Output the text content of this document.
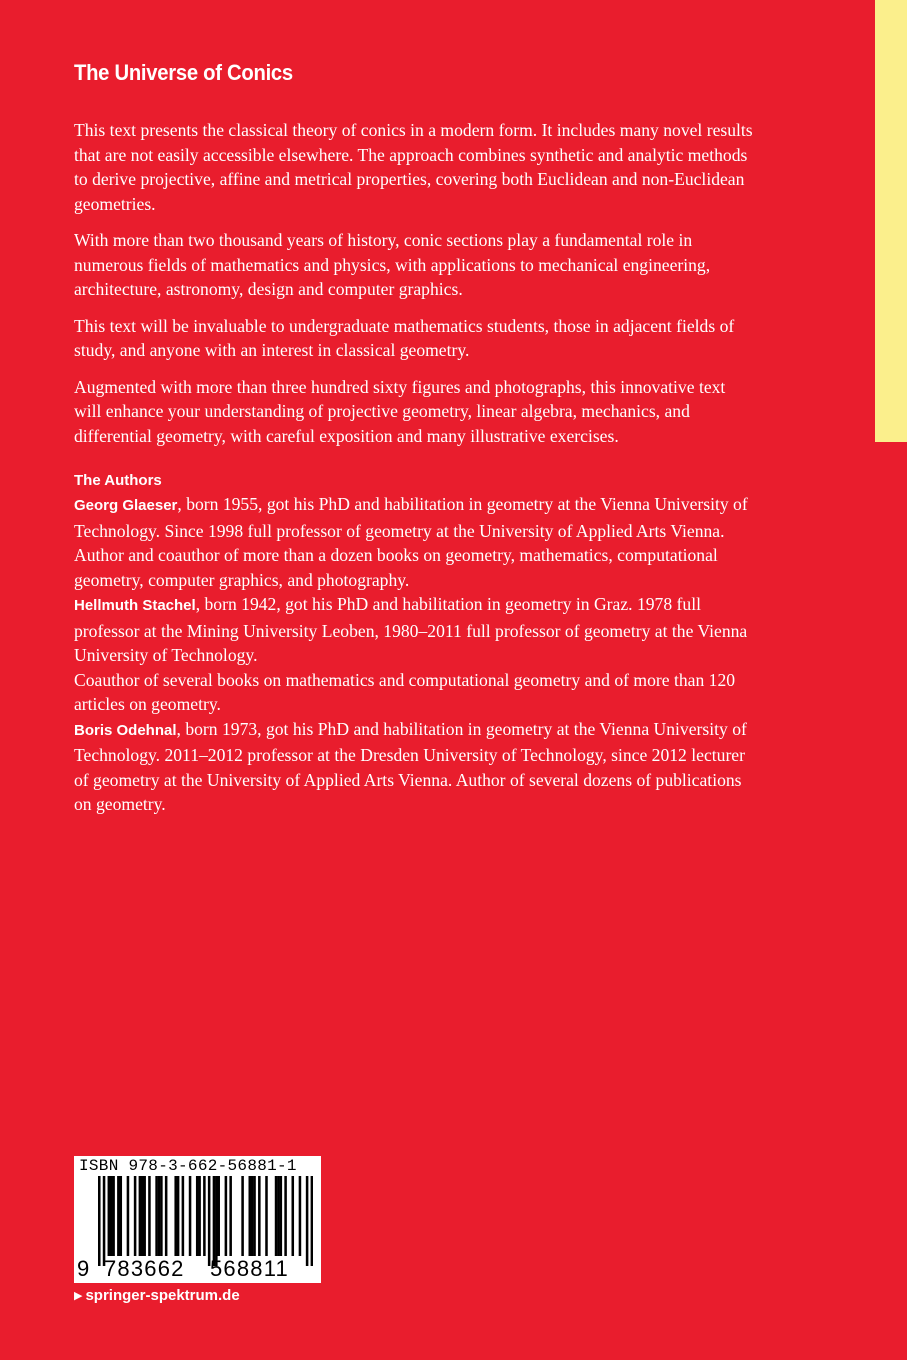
The Universe of Conics

This text presents the classical theory of conics in a modern form. It includes many novel results that are not easily accessible elsewhere. The approach combines synthetic and analytic methods to derive projective, affine and metrical properties, covering both Euclidean and non-Euclidean geometries.

With more than two thousand years of history, conic sections play a fundamental role in numerous fields of mathematics and physics, with applications to mechanical engineering, architecture, astronomy, design and computer graphics.

This text will be invaluable to undergraduate mathematics students, those in adjacent fields of study, and anyone with an interest in classical geometry.

Augmented with more than three hundred sixty figures and photographs, this innovative text will enhance your understanding of projective geometry, linear algebra, mechanics, and differential geometry, with careful exposition and many illustrative exercises.

The Authors

Georg Glaeser, born 1955, got his PhD and habilitation in geometry at the Vienna University of Technology. Since 1998 full professor of geometry at the University of Applied Arts Vienna. Author and coauthor of more than a dozen books on geometry, mathematics, computational geometry, computer graphics, and photography.

Hellmuth Stachel, born 1942, got his PhD and habilitation in geometry in Graz. 1978 full professor at the Mining University Leoben, 1980–2011 full professor of geometry at the Vienna University of Technology.

Coauthor of several books on mathematics and computational geometry and of more than 120 articles on geometry.

Boris Odehnal, born 1973, got his PhD and habilitation in geometry at the Vienna University of Technology. 2011–2012 professor at the Dresden University of Technology, since 2012 lecturer of geometry at the University of Applied Arts Vienna. Author of several dozens of publications on geometry.

ISBN 978-3-662-56881-1
9 783662 568811
▶ springer-spektrum.de
